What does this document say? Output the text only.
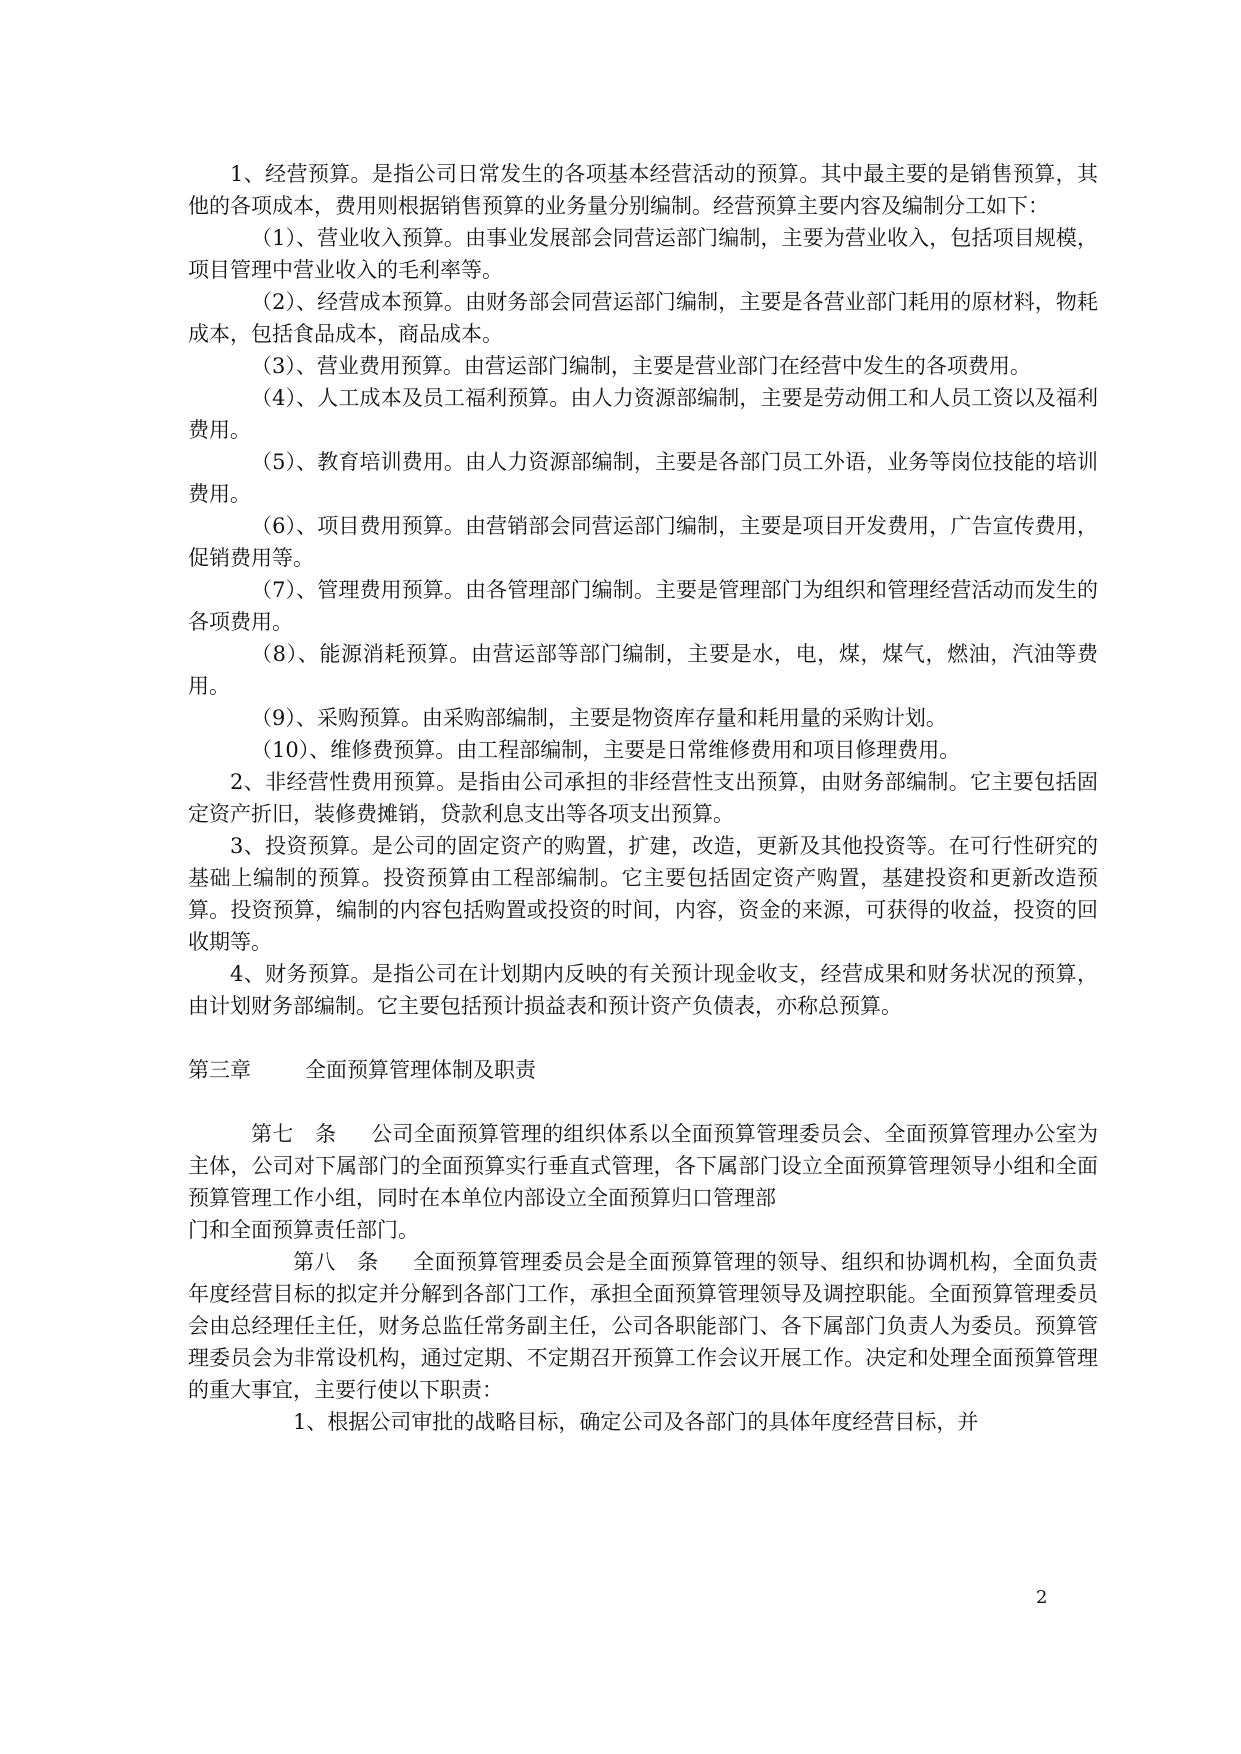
1、经营预算。是指公司日常发生的各项基本经营活动的预算。其中最主要的是销售预算，其他的各项成本，费用则根据销售预算的业务量分别编制。经营预算主要内容及编制分工如下：

（1）、营业收入预算。由事业发展部会同营运部门编制，主要为营业收入，包括项目规模，项目管理中营业收入的毛利率等。

（2）、经营成本预算。由财务部会同营运部门编制，主要是各营业部门耗用的原材料，物耗成本，包括食品成本，商品成本。

（3）、营业费用预算。由营运部门编制，主要是营业部门在经营中发生的各项费用。

（4）、人工成本及员工福利预算。由人力资源部编制，主要是劳动佣工和人员工资以及福利费用。

（5）、教育培训费用。由人力资源部编制，主要是各部门员工外语，业务等岗位技能的培训费用。

（6）、项目费用预算。由营销部会同营运部门编制，主要是项目开发费用，广告宣传费用，促销费用等。

（7）、管理费用预算。由各管理部门编制。主要是管理部门为组织和管理经营活动而发生的各项费用。

（8）、能源消耗预算。由营运部等部门编制，主要是水，电，煤，煤气，燃油，汽油等费用。

（9）、采购预算。由采购部编制，主要是物资库存量和耗用量的采购计划。

（10）、维修费预算。由工程部编制，主要是日常维修费用和项目修理费用。

2、非经营性费用预算。是指由公司承担的非经营性支出预算，由财务部编制。它主要包括固定资产折旧，装修费摊销，贷款利息支出等各项支出预算。

3、投资预算。是公司的固定资产的购置，扩建，改造，更新及其他投资等。在可行性研究的基础上编制的预算。投资预算由工程部编制。它主要包括固定资产购置，基建投资和更新改造预算。投资预算，编制的内容包括购置或投资的时间，内容，资金的来源，可获得的收益，投资的回收期等。

4、财务预算。是指公司在计划期内反映的有关预计现金收支，经营成果和财务状况的预算，由计划财务部编制。它主要包括预计损益表和预计资产负债表，亦称总预算。

第三章	全面预算管理体制及职责

第七　条 公司全面预算管理的组织体系以全面预算管理委员会、全面预算管理办公室为主体，公司对下属部门的全面预算实行垂直式管理，各下属部门设立全面预算管理领导小组和全面预算管理工作小组，同时在本单位内部设立全面预算归口管理部

门和全面预算责任部门。

第八　条 全面预算管理委员会是全面预算管理的领导、组织和协调机构，全面负责年度经营目标的拟定并分解到各部门工作，承担全面预算管理领导及调控职能。全面预算管理委员会由总经理任主任，财务总监任常务副主任，公司各职能部门、各下属部门负责人为委员。预算管理委员会为非常设机构，通过定期、不定期召开预算工作会议开展工作。决定和处理全面预算管理的重大事宜，主要行使以下职责：

1、根据公司审批的战略目标，确定公司及各部门的具体年度经营目标，并

2
